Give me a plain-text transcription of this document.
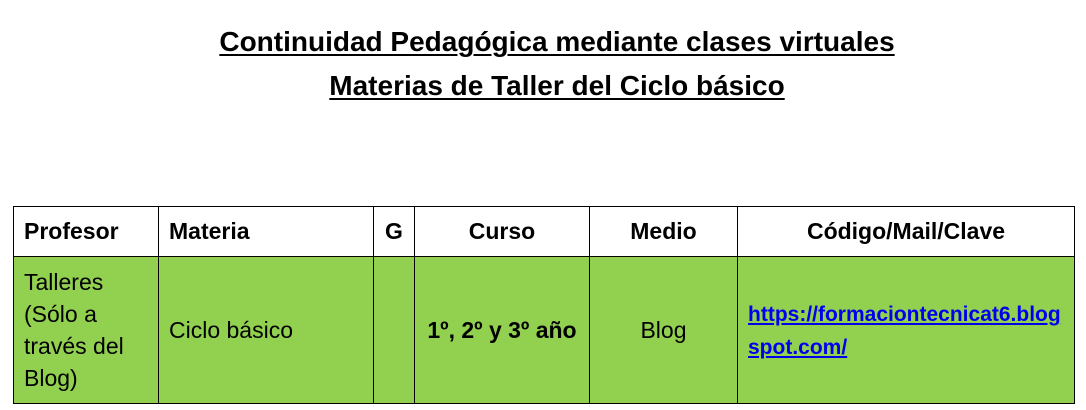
Continuidad Pedagógica mediante clases virtuales
Materias de Taller del Ciclo básico
Profesor	Materia	G	Curso	Medio	Código/Mail/Clave
Talleres (Sólo a través del Blog)	Ciclo básico		1º, 2º y 3º año	Blog	https://formaciontecnicat6.blogspot.com/
